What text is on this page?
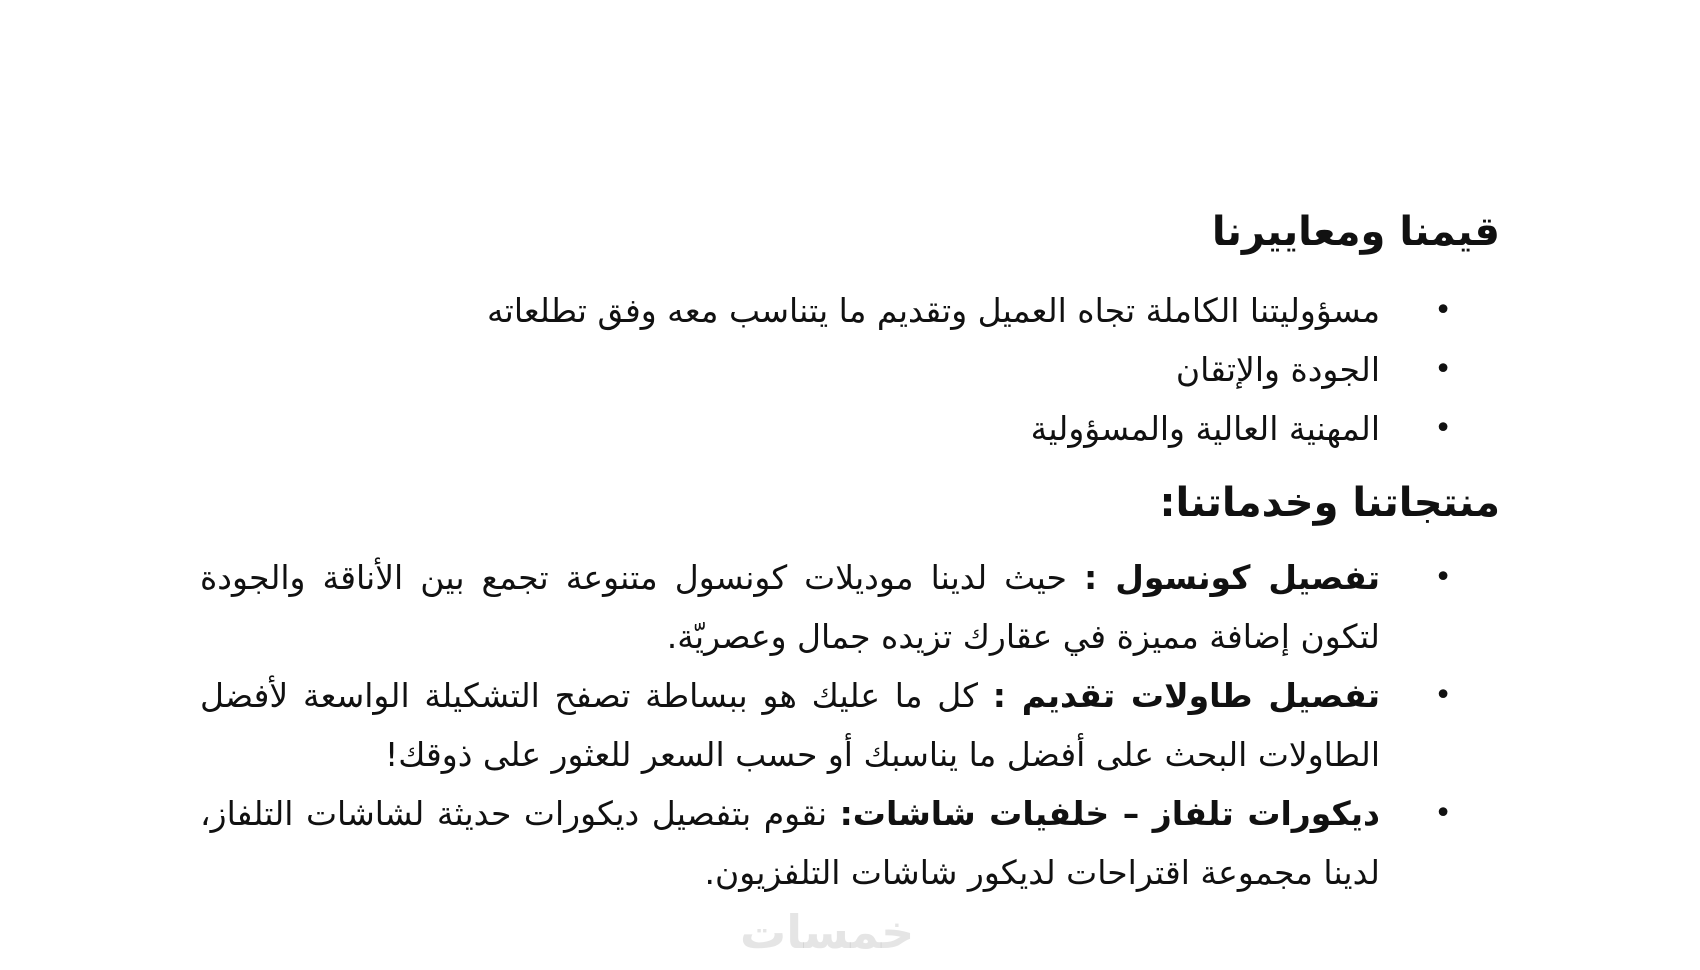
قيمنا ومعاييرنا
•
مسؤوليتنا الكاملة تجاه العميل وتقديم ما يتناسب معه وفق تطلعاته
•
الجودة والإتقان
•
المهنية العالية والمسؤولية
منتجاتنا وخدماتنا:
•
تفصيل كونسول : حيث لدينا موديلات كونسول متنوعة تجمع بين الأناقة والجودة لتكون إضافة مميزة في عقارك تزيده جمال وعصريّة.
•
تفصيل طاولات تقديم : كل ما عليك هو ببساطة تصفح التشكيلة الواسعة لأفضل الطاولات البحث على أفضل ما يناسبك أو حسب السعر للعثور على ذوقك!
•
ديكورات تلفاز – خلفيات شاشات: نقوم بتفصيل ديكورات حديثة لشاشات التلفاز، لدينا مجموعة اقتراحات لديكور شاشات التلفزيون.
خمسات
